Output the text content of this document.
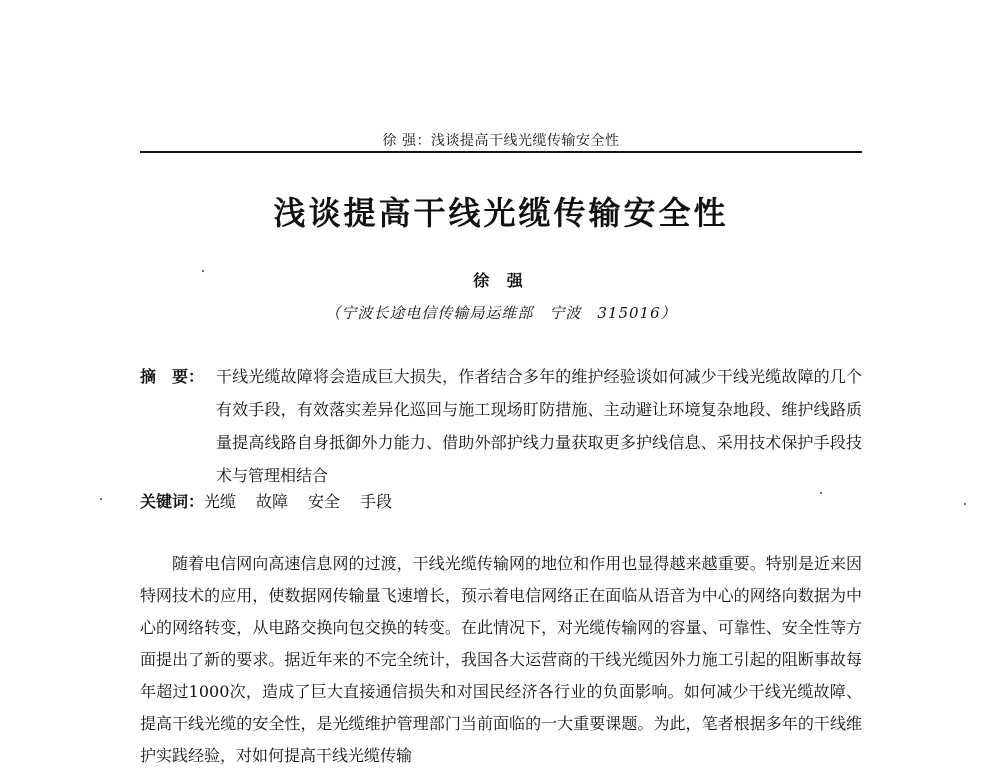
徐 强：浅谈提高干线光缆传输安全性
浅谈提高干线光缆传输安全性
徐 强
（宁波长途电信传输局运维部　宁波　315016）
摘　要： 干线光缆故障将会造成巨大损失，作者结合多年的维护经验谈如何减少干线光缆故障的几个有效手段，有效落实差异化巡回与施工现场盯防措施、主动避让环境复杂地段、维护线路质量提高线路自身抵御外力能力、借助外部护线力量获取更多护线信息、采用技术保护手段技术与管理相结合
关键词：光缆 故障 安全 手段
随着电信网向高速信息网的过渡，干线光缆传输网的地位和作用也显得越来越重要。特别是近来因特网技术的应用，使数据网传输量飞速增长，预示着电信网络正在面临从语音为中心的网络向数据为中心的网络转变，从电路交换向包交换的转变。在此情况下，对光缆传输网的容量、可靠性、安全性等方面提出了新的要求。据近年来的不完全统计，我国各大运营商的干线光缆因外力施工引起的阻断事故每年超过1000次，造成了巨大直接通信损失和对国民经济各行业的负面影响。如何减少干线光缆故障、提高干线光缆的安全性，是光缆维护管理部门当前面临的一大重要课题。为此，笔者根据多年的干线维护实践经验，对如何提高干线光缆传输
